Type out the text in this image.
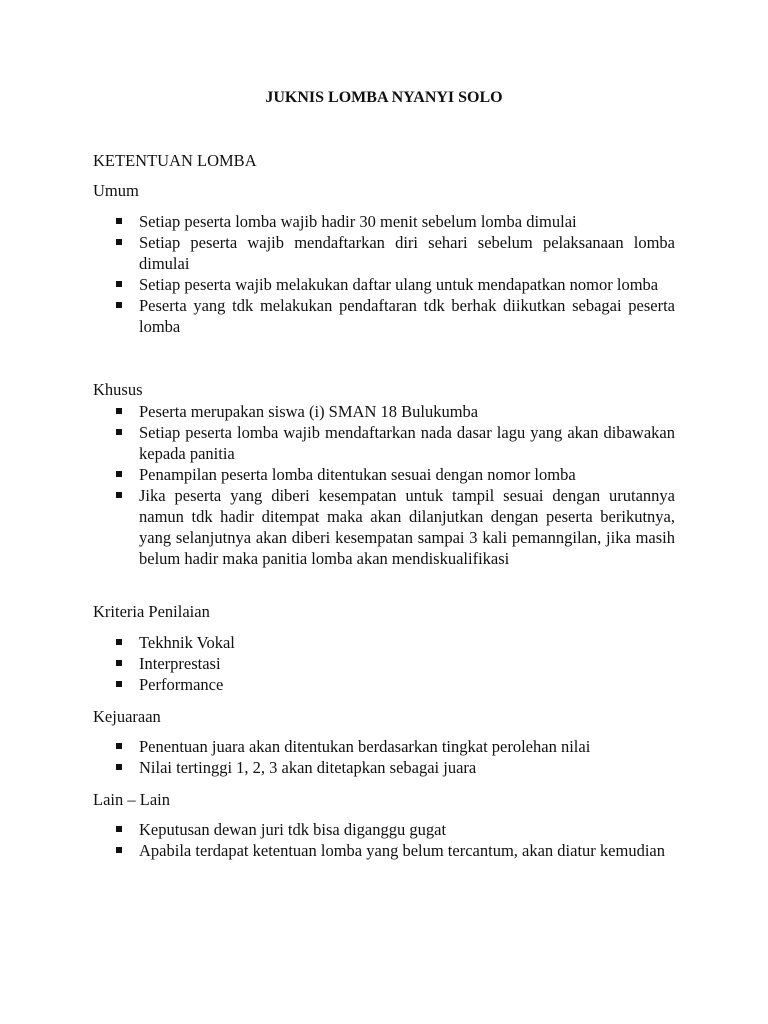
JUKNIS LOMBA NYANYI SOLO

KETENTUAN LOMBA

Umum

Setiap peserta lomba wajib hadir 30 menit sebelum lomba dimulai
Setiap peserta wajib mendaftarkan diri sehari sebelum pelaksanaan lomba dimulai
Setiap peserta wajib melakukan daftar ulang untuk mendapatkan nomor lomba
Peserta yang tdk melakukan pendaftaran tdk berhak diikutkan sebagai peserta lomba

Khusus

Peserta merupakan siswa (i) SMAN 18 Bulukumba
Setiap peserta lomba wajib mendaftarkan nada dasar lagu yang akan dibawakan kepada panitia
Penampilan peserta lomba ditentukan sesuai dengan nomor lomba
Jika peserta yang diberi kesempatan untuk tampil sesuai dengan urutannya namun tdk hadir ditempat maka akan dilanjutkan dengan peserta berikutnya, yang selanjutnya akan diberi kesempatan sampai 3 kali pemanngilan, jika masih belum hadir maka panitia lomba akan mendiskualifikasi

Kriteria Penilaian

Tekhnik Vokal
Interprestasi
Performance

Kejuaraan

Penentuan juara akan ditentukan berdasarkan tingkat perolehan nilai
Nilai tertinggi 1, 2, 3 akan ditetapkan sebagai juara

Lain – Lain

Keputusan dewan juri tdk bisa diganggu gugat
Apabila terdapat ketentuan lomba yang belum tercantum, akan diatur kemudian
